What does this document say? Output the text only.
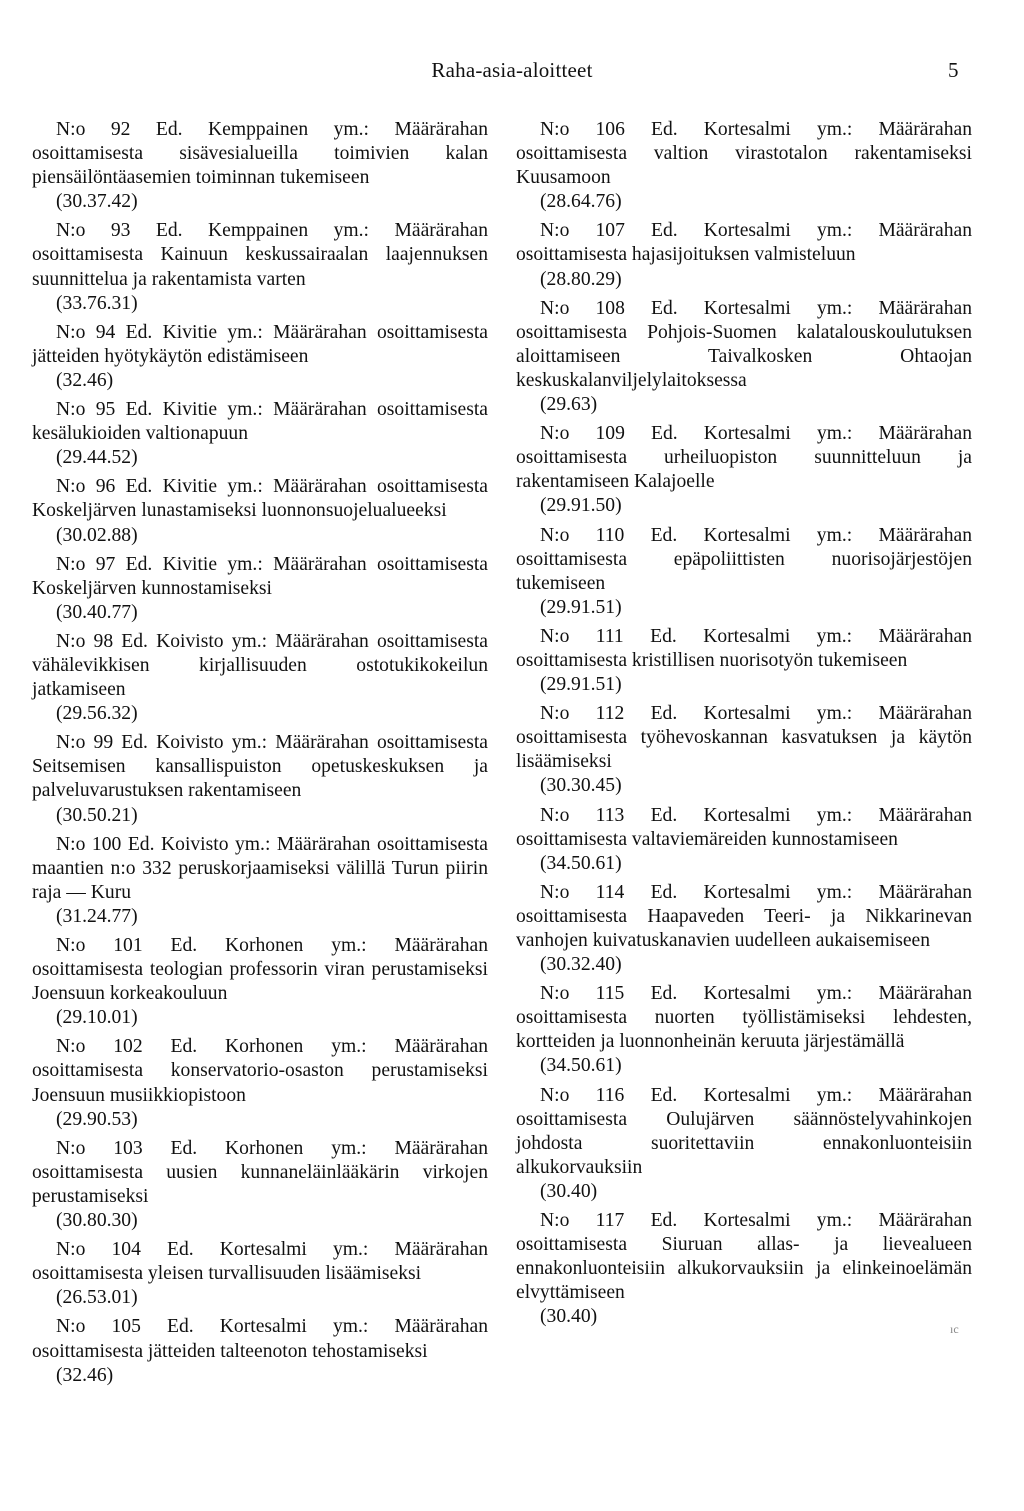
Raha-asia-aloitteet	5

N:o 92 Ed. Kemppainen ym.: Määrärahan osoittamisesta sisävesialueilla toimivien kalan piensäilöntäasemien toiminnan tukemiseen

(30.37.42)

N:o 93 Ed. Kemppainen ym.: Määrärahan osoittamisesta Kainuun keskussairaalan laajennuksen suunnittelua ja rakentamista varten

(33.76.31)

N:o 94 Ed. Kivitie ym.: Määrärahan osoittamisesta jätteiden hyötykäytön edistämiseen

(32.46)

N:o 95 Ed. Kivitie ym.: Määrärahan osoittamisesta kesälukioiden valtionapuun

(29.44.52)

N:o 96 Ed. Kivitie ym.: Määrärahan osoittamisesta Koskeljärven lunastamiseksi luonnonsuojelualueeksi

(30.02.88)

N:o 97 Ed. Kivitie ym.: Määrärahan osoittamisesta Koskeljärven kunnostamiseksi

(30.40.77)

N:o 98 Ed. Koivisto ym.: Määrärahan osoittamisesta vähälevikkisen kirjallisuuden ostotukikokeilun jatkamiseen

(29.56.32)

N:o 99 Ed. Koivisto ym.: Määrärahan osoittamisesta Seitsemisen kansallispuiston opetuskeskuksen ja palveluvarustuksen rakentamiseen

(30.50.21)

N:o 100 Ed. Koivisto ym.: Määrärahan osoittamisesta maantien n:o 332 peruskorjaamiseksi välillä Turun piirin raja — Kuru

(31.24.77)

N:o 101 Ed. Korhonen ym.: Määrärahan osoittamisesta teologian professorin viran perustamiseksi Joensuun korkeakouluun

(29.10.01)

N:o 102 Ed. Korhonen ym.: Määrärahan osoittamisesta konservatorio-osaston perustamiseksi Joensuun musiikkiopistoon

(29.90.53)

N:o 103 Ed. Korhonen ym.: Määrärahan osoittamisesta uusien kunnaneläinlääkärin virkojen perustamiseksi

(30.80.30)

N:o 104 Ed. Kortesalmi ym.: Määrärahan osoittamisesta yleisen turvallisuuden lisäämiseksi

(26.53.01)

N:o 105 Ed. Kortesalmi ym.: Määrärahan osoittamisesta jätteiden talteenoton tehostamiseksi

(32.46)

N:o 106 Ed. Kortesalmi ym.: Määrärahan osoittamisesta valtion virastotalon rakentamiseksi Kuusamoon

(28.64.76)

N:o 107 Ed. Kortesalmi ym.: Määrärahan osoittamisesta hajasijoituksen valmisteluun

(28.80.29)

N:o 108 Ed. Kortesalmi ym.: Määrärahan osoittamisesta Pohjois-Suomen kalatalouskoulutuksen aloittamiseen Taivalkosken Ohtaojan keskuskalanviljelylaitoksessa

(29.63)

N:o 109 Ed. Kortesalmi ym.: Määrärahan osoittamisesta urheiluopiston suunnitteluun ja rakentamiseen Kalajoelle

(29.91.50)

N:o 110 Ed. Kortesalmi ym.: Määrärahan osoittamisesta epäpoliittisten nuorisojärjestöjen tukemiseen

(29.91.51)

N:o 111 Ed. Kortesalmi ym.: Määrärahan osoittamisesta kristillisen nuorisotyön tukemiseen

(29.91.51)

N:o 112 Ed. Kortesalmi ym.: Määrärahan osoittamisesta työhevoskannan kasvatuksen ja käytön lisäämiseksi

(30.30.45)

N:o 113 Ed. Kortesalmi ym.: Määrärahan osoittamisesta valtaviemäreiden kunnostamiseen

(34.50.61)

N:o 114 Ed. Kortesalmi ym.: Määrärahan osoittamisesta Haapaveden Teeri- ja Nikkarinevan vanhojen kuivatuskanavien uudelleen aukaisemiseen

(30.32.40)

N:o 115 Ed. Kortesalmi ym.: Määrärahan osoittamisesta nuorten työllistämiseksi lehdesten, kortteiden ja luonnonheinän keruuta järjestämällä

(34.50.61)

N:o 116 Ed. Kortesalmi ym.: Määrärahan osoittamisesta Oulujärven säännöstelyvahinkojen johdosta suoritettaviin ennakonluonteisiin alkukorvauksiin

(30.40)

N:o 117 Ed. Kortesalmi ym.: Määrärahan osoittamisesta Siuruan allas- ja lievealueen ennakonluonteisiin alkukorvauksiin ja elinkeinoelämän elvyttämiseen

(30.40)

ıc
